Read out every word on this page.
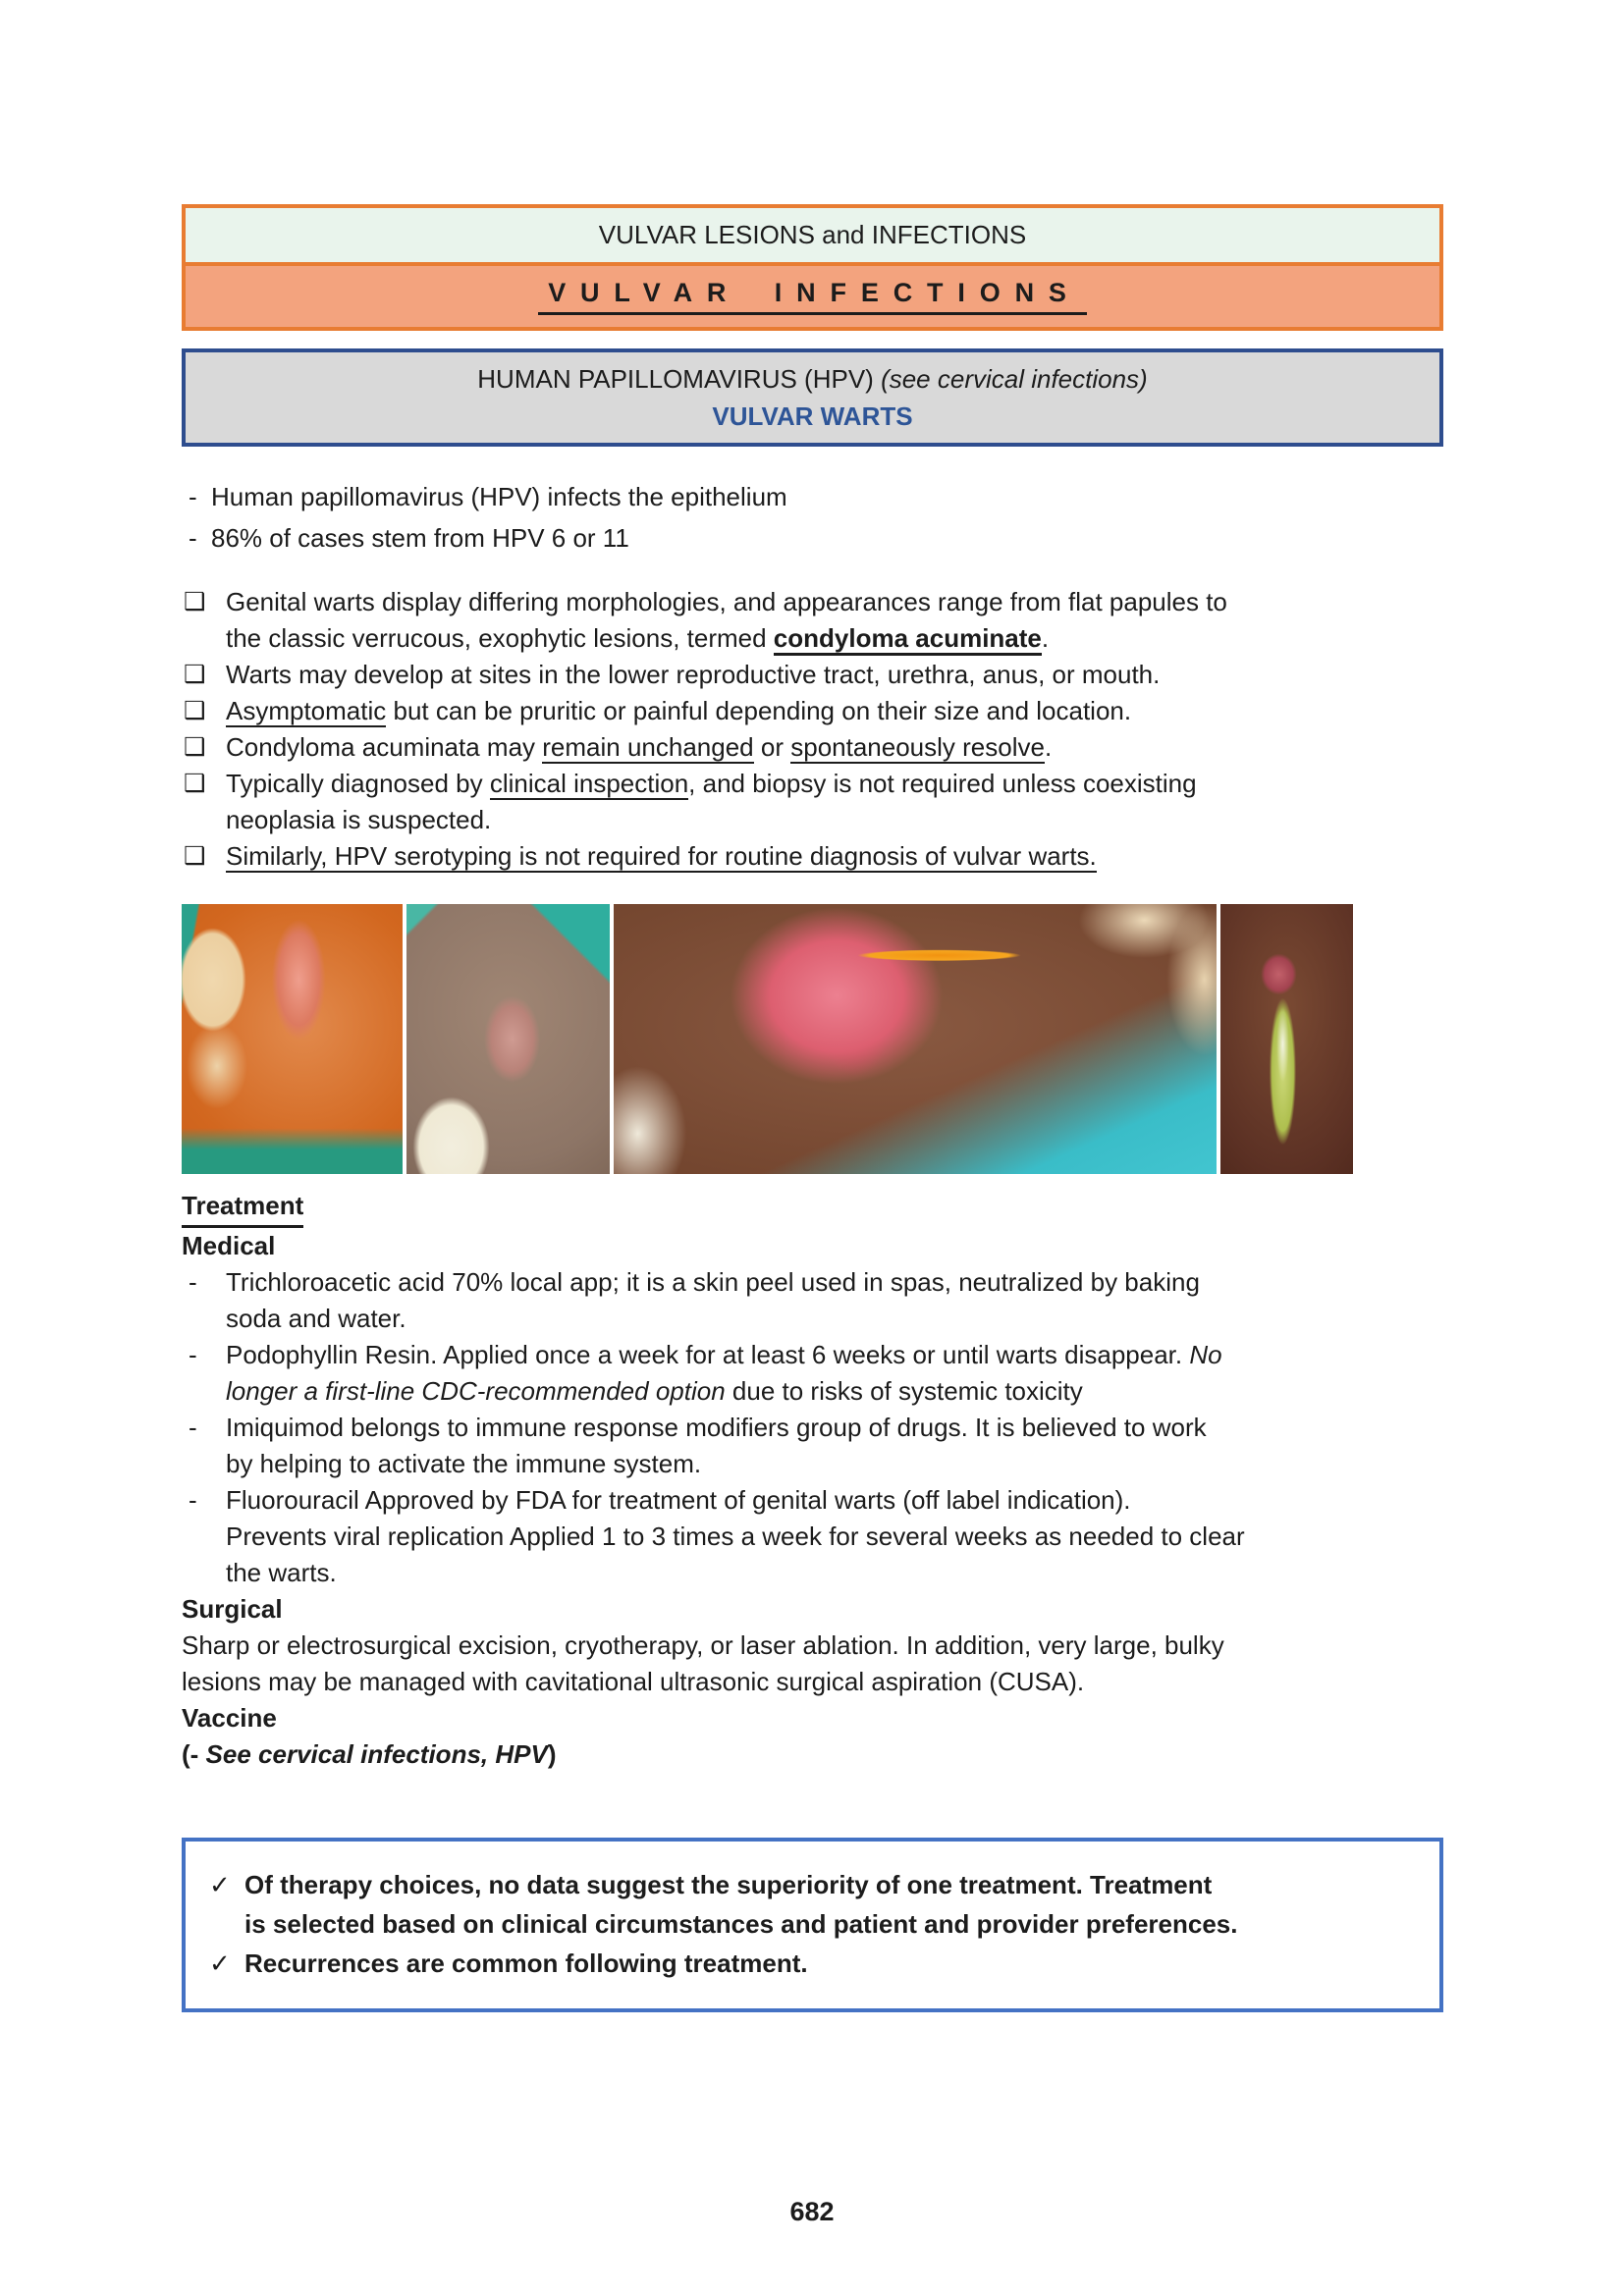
VULVAR LESIONS and INFECTIONS
VULVAR INFECTIONS
HUMAN PAPILLOMAVIRUS (HPV) (see cervical infections)
VULVAR WARTS
- Human papillomavirus (HPV) infects the epithelium
- 86% of cases stem from HPV 6 or 11
❑ Genital warts display differing morphologies, and appearances range from flat papules to
the classic verrucous, exophytic lesions, termed condyloma acuminate.
❑ Warts may develop at sites in the lower reproductive tract, urethra, anus, or mouth.
❑ Asymptomatic but can be pruritic or painful depending on their size and location.
❑ Condyloma acuminata may remain unchanged or spontaneously resolve.
❑ Typically diagnosed by clinical inspection, and biopsy is not required unless coexisting
neoplasia is suspected.
❑ Similarly, HPV serotyping is not required for routine diagnosis of vulvar warts.
Treatment
Medical
-	Trichloroacetic acid 70% local app; it is a skin peel used in spas, neutralized by baking
soda and water.
-	Podophyllin Resin. Applied once a week for at least 6 weeks or until warts disappear. No
longer a first-line CDC-recommended option due to risks of systemic toxicity
-	Imiquimod belongs to immune response modifiers group of drugs. It is believed to work
by helping to activate the immune system.
-	Fluorouracil Approved by FDA for treatment of genital warts (off label indication).
Prevents viral replication Applied 1 to 3 times a week for several weeks as needed to clear
the warts.
Surgical
Sharp or electrosurgical excision, cryotherapy, or laser ablation. In addition, very large, bulky
lesions may be managed with cavitational ultrasonic surgical aspiration (CUSA).
Vaccine
(- See cervical infections, HPV)
✓ Of therapy choices, no data suggest the superiority of one treatment. Treatment
is selected based on clinical circumstances and patient and provider preferences.
✓ Recurrences are common following treatment.
682
